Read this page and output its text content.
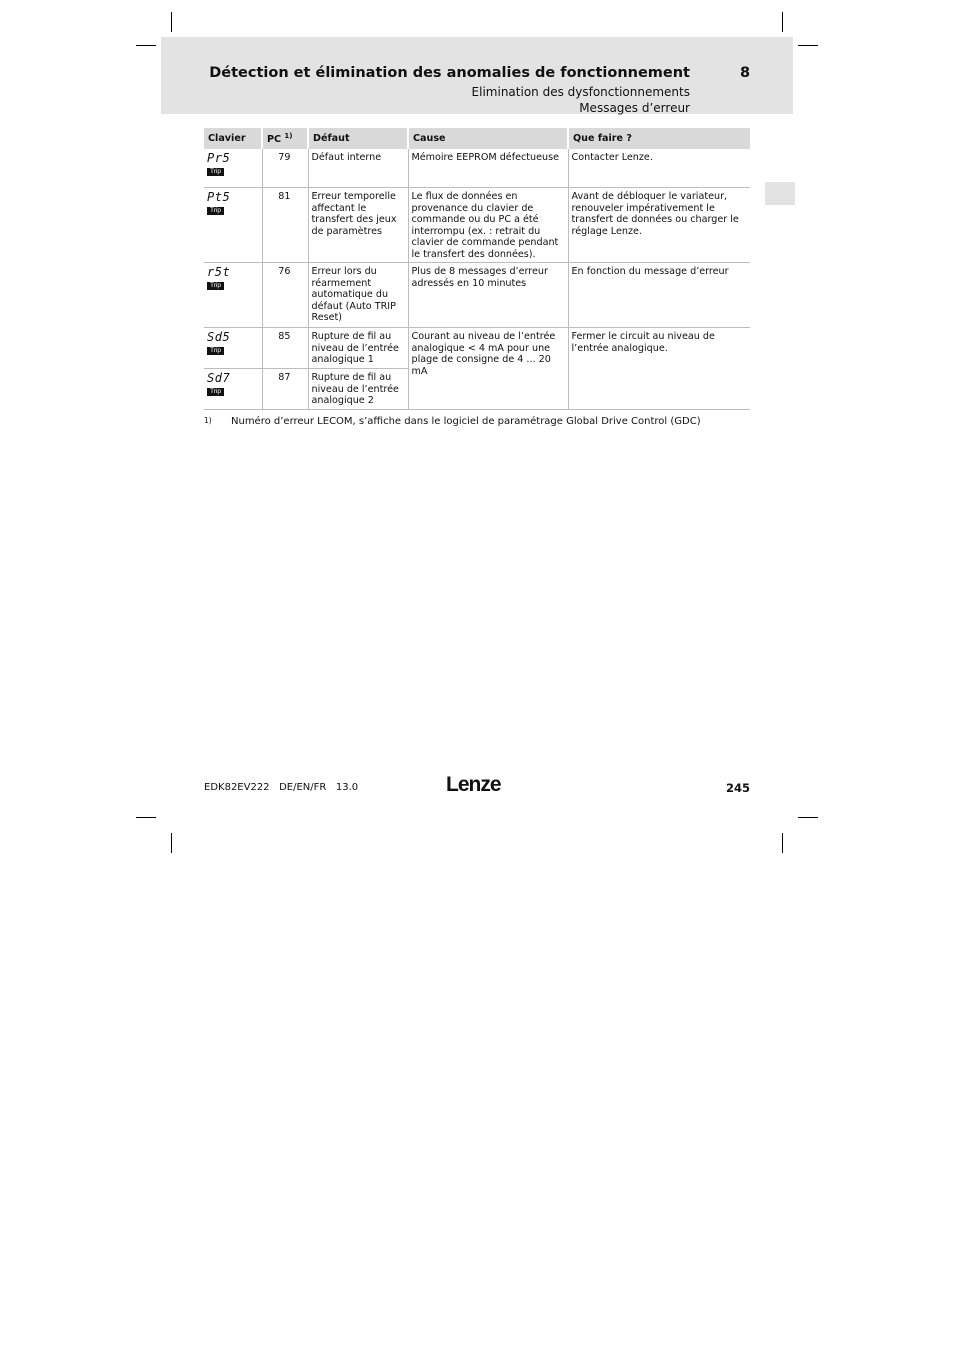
Détection et élimination des anomalies de fonctionnement	8
Elimination des dysfonctionnements
Messages d’erreur
Clavier	PC $^{1)}$	Défaut	Cause	Que faire ?

Pr5
Trip	79	Défaut interne	Mémoire EEPROM défectueuse	Contacter Lenze.

Pt5
Trip	81	Erreur temporelle affectant le transfert des jeux de paramètres	Le flux de données en provenance du clavier de commande ou du PC a été interrompu (ex. : retrait du clavier de commande pendant le transfert des données).	Avant de débloquer le variateur, renouveler impérativement le transfert de données ou charger le réglage Lenze.

r5t
Trip	76	Erreur lors du réarmement automatique du défaut (Auto TRIP Reset)	Plus de 8 messages d’erreur adressés en 10 minutes	En fonction du message d’erreur

Sd5
Trip	85	Rupture de fil au niveau de l’entrée analogique 1	Courant au niveau de l’entrée analogique < 4 mA pour une plage de consigne de 4 ... 20 mA	Fermer le circuit au niveau de l’entrée analogique.

Sd7
Trip	87	Rupture de fil au niveau de l’entrée analogique 2		
1) Numéro d’erreur LECOM, s’affiche dans le logiciel de paramétrage Global Drive Control (GDC)
EDK82EV222   DE/EN/FR   13.0	Lenze	245
